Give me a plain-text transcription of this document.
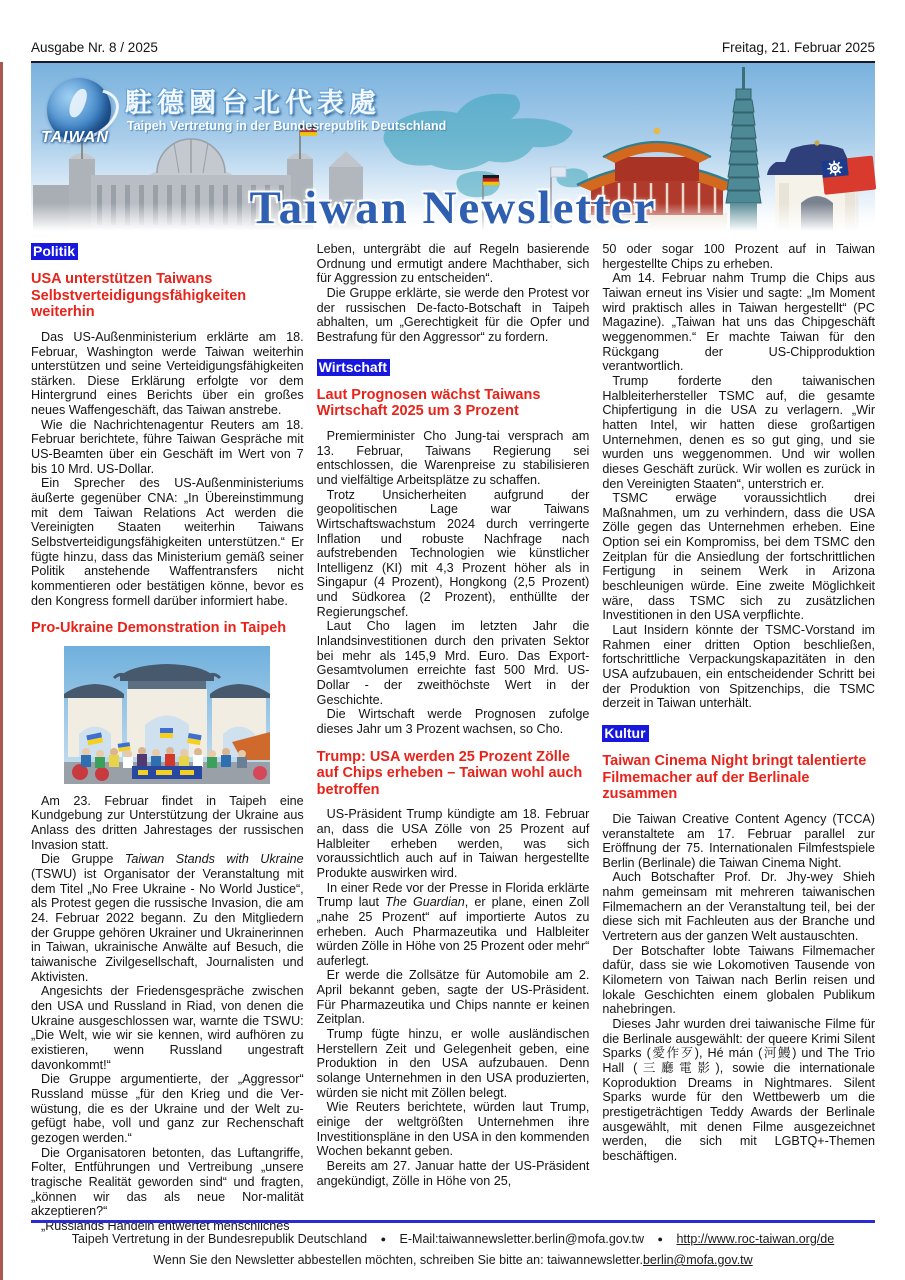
Ausgabe Nr. 8 / 2025	Freitag, 21. Februar 2025
TAIWAN
駐德國台北代表處
Taipeh Vertretung in der Bundesrepublik Deutschland
Taiwan Newsletter
Politik
USA unterstützen Taiwans Selbstverteidigungsfähigkeiten weiterhin

Das US-Außenministerium erklärte am 18. Februar, Washington werde Taiwan weiterhin unterstützen und seine Verteidigungsfähigkeiten stärken. Diese Erklärung erfolgte vor dem Hintergrund eines Berichts über ein großes neues Waffengeschäft, das Taiwan anstrebe.

Wie die Nachrichtenagentur Reuters am 18. Februar berichtete, führe Taiwan Gespräche mit US-Beamten über ein Geschäft im Wert von 7 bis 10 Mrd. US-Dollar.

Ein Sprecher des US-Außenministeriums äußerte gegenüber CNA: „In Übereinstimmung mit dem Taiwan Relations Act werden die Vereinigten Staaten weiterhin Taiwans Selbstverteidigungsfähigkeiten unterstützen.“ Er fügte hinzu, dass das Ministerium gemäß seiner Politik anstehende Waffentransfers nicht kommentieren oder bestätigen könne, bevor es den Kongress formell darüber informiert habe.

Pro-Ukraine Demonstration in Taipeh

Am 23. Februar findet in Taipeh eine Kundgebung zur Unterstützung der Ukraine aus Anlass des dritten Jahrestages der russischen Invasion statt.

Die Gruppe Taiwan Stands with Ukraine (TSWU) ist Organisator der Veranstaltung mit dem Titel „No Free Ukraine - No World Justice“, als Protest gegen die russische Invasion, die am 24. Februar 2022 begann. Zu den Mitgliedern der Gruppe gehören Ukrainer und Ukrainerinnen in Taiwan, ukrainische Anwälte auf Besuch, die taiwanische Zivilgesellschaft, Journalisten und Aktivisten.

Angesichts der Friedensgespräche zwischen den USA und Russland in Riad, von denen die Ukraine ausgeschlossen war, warnte die TSWU: „Die Welt, wie wir sie kennen, wird aufhören zu existieren, wenn Russland ungestraft davonkommt!“

Die Gruppe argumentierte, der „Aggressor“ Russland müsse „für den Krieg und die Ver-wüstung, die es der Ukraine und der Welt zu-gefügt habe, voll und ganz zur Rechenschaft gezogen werden.“

Die Organisatoren betonten, das Luftangriffe, Folter, Entführungen und Vertreibung „unsere tragische Realität geworden sind“ und fragten, „können wir das als neue Nor-malität akzeptieren?“

„Russlands Handeln entwertet menschliches

Leben, untergräbt die auf Regeln basierende Ordnung und ermutigt andere Machthaber, sich für Aggression zu entscheiden“.

Die Gruppe erklärte, sie werde den Protest vor der russischen De-facto-Botschaft in Taipeh abhalten, um „Gerechtigkeit für die Opfer und Bestrafung für den Aggressor“ zu fordern.

Wirtschaft
Laut Prognosen wächst Taiwans Wirtschaft 2025 um 3 Prozent

Premierminister Cho Jung-tai versprach am 13. Februar, Taiwans Regierung sei entschlossen, die Warenpreise zu stabilisieren und vielfältige Arbeitsplätze zu schaffen.

Trotz Unsicherheiten aufgrund der geopolitischen Lage war Taiwans Wirtschaftswachstum 2024 durch verringerte Inflation und robuste Nachfrage nach aufstrebenden Technologien wie künstlicher Intelligenz (KI) mit 4,3 Prozent höher als in Singapur (4 Prozent), Hongkong (2,5 Prozent) und Südkorea (2 Prozent), enthüllte der Regierungschef.

Laut Cho lagen im letzten Jahr die Inlandsinvestitionen durch den privaten Sektor bei mehr als 145,9 Mrd. Euro. Das Export-Gesamtvolumen erreichte fast 500 Mrd. US-Dollar - der zweithöchste Wert in der Geschichte.

Die Wirtschaft werde Prognosen zufolge dieses Jahr um 3 Prozent wachsen, so Cho.

Trump: USA werden 25 Prozent Zölle auf Chips erheben – Taiwan wohl auch betroffen

US-Präsident Trump kündigte am 18. Februar an, dass die USA Zölle von 25 Prozent auf Halbleiter erheben werden, was sich voraussichtlich auch auf in Taiwan hergestellte Produkte auswirken wird.

In einer Rede vor der Presse in Florida erklärte Trump laut The Guardian, er plane, einen Zoll „nahe 25 Prozent“ auf importierte Autos zu erheben. Auch Pharmazeutika und Halbleiter würden Zölle in Höhe von 25 Prozent oder mehr“ auferlegt.

Er werde die Zollsätze für Automobile am 2. April bekannt geben, sagte der US-Präsident. Für Pharmazeutika und Chips nannte er keinen Zeitplan.

Trump fügte hinzu, er wolle ausländischen Herstellern Zeit und Gelegenheit geben, eine Produktion in den USA aufzubauen. Denn solange Unternehmen in den USA produzierten, würden sie nicht mit Zöllen belegt.

Wie Reuters berichtete, würden laut Trump, einige der weltgrößten Unternehmen ihre Investitionspläne in den USA in den kommenden Wochen bekannt geben.

Bereits am 27. Januar hatte der US-Präsident angekündigt, Zölle in Höhe von 25,

50 oder sogar 100 Prozent auf in Taiwan hergestellte Chips zu erheben.

Am 14. Februar nahm Trump die Chips aus Taiwan erneut ins Visier und sagte: „Im Moment wird praktisch alles in Taiwan hergestellt“ (PC Magazine). „Taiwan hat uns das Chipgeschäft weggenommen.“ Er machte Taiwan für den Rückgang der US-Chipproduktion verantwortlich.

Trump forderte den taiwanischen Halbleiterhersteller TSMC auf, die gesamte Chipfertigung in die USA zu verlagern. „Wir hatten Intel, wir hatten diese großartigen Unternehmen, denen es so gut ging, und sie wurden uns weggenommen. Und wir wollen dieses Geschäft zurück. Wir wollen es zurück in den Vereinigten Staaten“, unterstrich er.

TSMC erwäge voraussichtlich drei Maßnahmen, um zu verhindern, dass die USA Zölle gegen das Unternehmen erheben. Eine Option sei ein Kompromiss, bei dem TSMC den Zeitplan für die Ansiedlung der fortschrittlichen Fertigung in seinem Werk in Arizona beschleunigen würde. Eine zweite Möglichkeit wäre, dass TSMC sich zu zusätzlichen Investitionen in den USA verpflichte.

Laut Insidern könnte der TSMC-Vorstand im Rahmen einer dritten Option beschließen, fortschrittliche Verpackungskapazitäten in den USA aufzubauen, ein entscheidender Schritt bei der Produktion von Spitzenchips, die TSMC derzeit in Taiwan unterhält.

Kultur
Taiwan Cinema Night bringt talentierte Filmemacher auf der Berlinale zusammen

Die Taiwan Creative Content Agency (TCCA) veranstaltete am 17. Februar parallel zur Eröffnung der 75. Internationalen Filmfestspiele Berlin (Berlinale) die Taiwan Cinema Night.

Auch Botschafter Prof. Dr. Jhy-wey Shieh nahm gemeinsam mit mehreren taiwanischen Filmemachern an der Veranstaltung teil, bei der diese sich mit Fachleuten aus der Branche und Vertretern aus der ganzen Welt austauschten.

Der Botschafter lobte Taiwans Filmemacher dafür, dass sie wie Lokomotiven Tausende von Kilometern von Taiwan nach Berlin reisen und lokale Geschichten einem globalen Publikum nahebringen.

Dieses Jahr wurden drei taiwanische Filme für die Berlinale ausgewählt: der queere Krimi Silent Sparks (愛作歹), Hé mán (河鰻) und The Trio Hall (三廳電影), sowie die internationale Koproduktion Dreams in Nightmares. Silent Sparks wurde für den Wettbewerb um die prestigeträchtigen Teddy Awards der Berlinale ausgewählt, mit denen Filme ausgezeichnet werden, die sich mit LGBTQ+-Themen beschäftigen.

Taipeh Vertretung in der Bundesrepublik Deutschland ● E-Mail:taiwannewsletter.berlin@mofa.gov.tw ● http://www.roc-taiwan.org/de
Wenn Sie den Newsletter abbestellen möchten, schreiben Sie bitte an: taiwannewsletter.berlin@mofa.gov.tw
